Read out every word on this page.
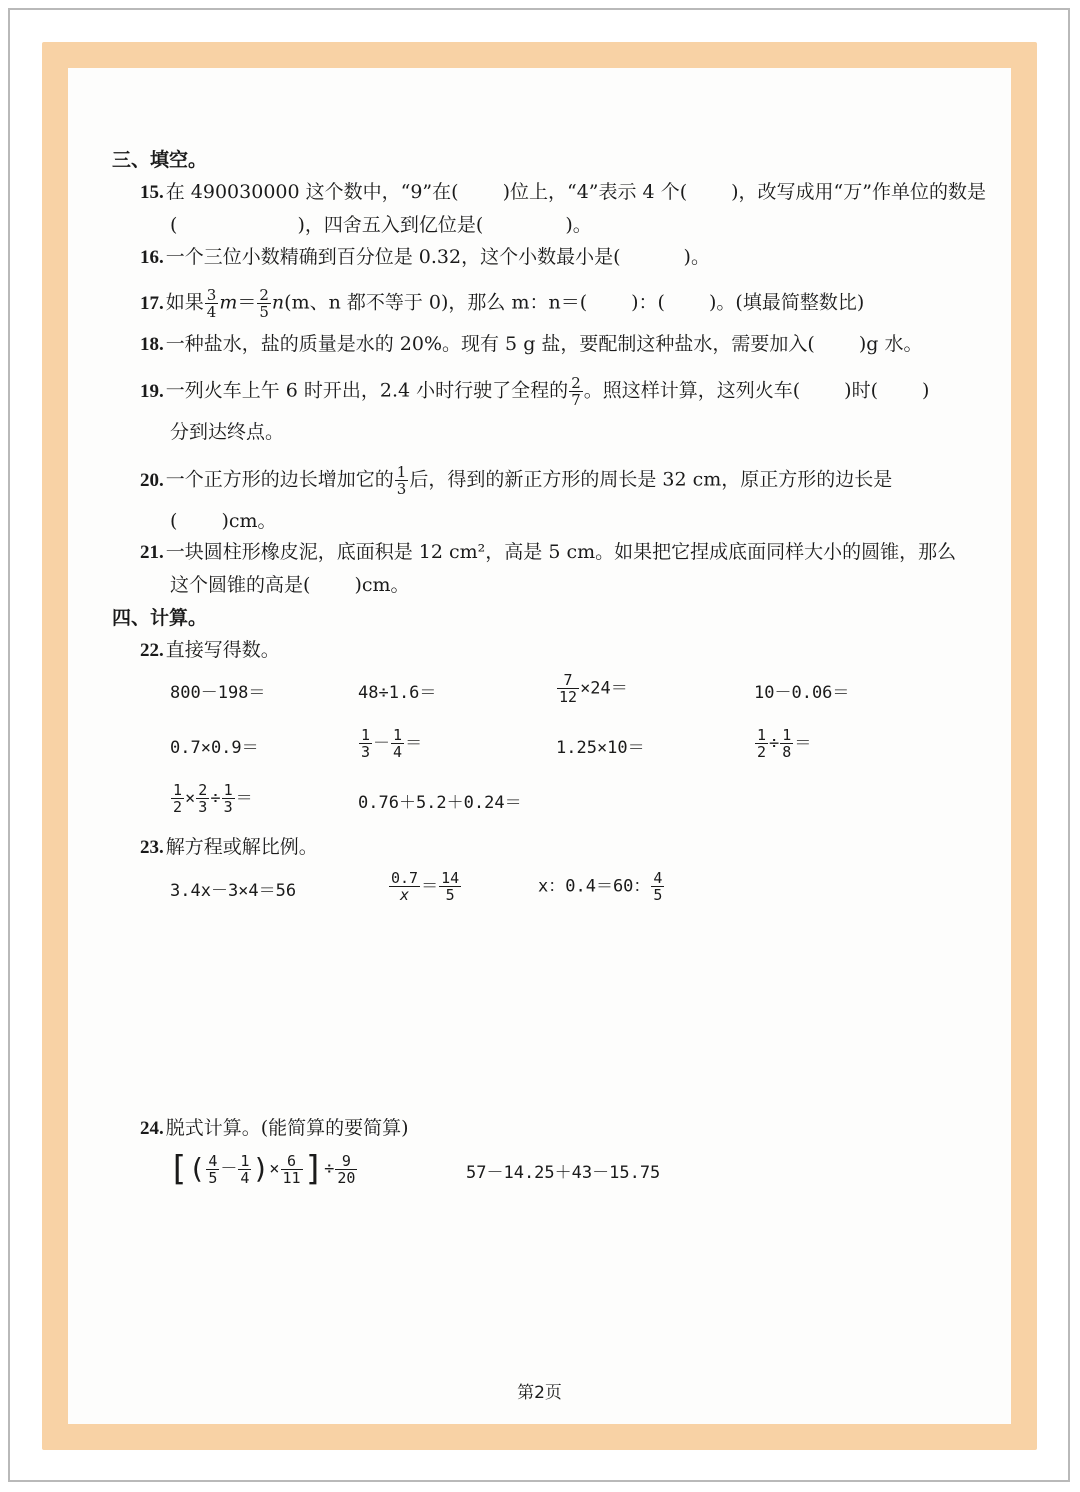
三、填空。
15. 在 490030000 这个数中，“9”在(　　 )位上，“4”表示 4 个(　　 )，改写成用“万”作单位的数是
(　　　　　　 )，四舍五入到亿位是(　　　　 )。
16. 一个三位小数精确到百分位是 0.32，这个小数最小是(　　　 )。
17. 如果 $\frac{3}{4} m= \frac{2}{5} n(m$、n 都不等于 0)，那么 m：n＝(　　 )：(　　 )。(填最简整数比)
18. 一种盐水，盐的质量是水的 20%。现有 5 g 盐，要配制这种盐水，需要加入(　　 )g 水。
19. 一列火车上午 6 时开出，2.4 小时行驶了全程的 $\frac{2}{7}$ 。照这样计算，这列火车(　　 )时(　　 )
分到达终点。
20. 一个正方形的边长增加它的 $\frac{1}{3}$ 后，得到的新正方形的周长是 32 cm，原正方形的边长是
(　　 )cm。
21. 一块圆柱形橡皮泥，底面积是 12 cm²，高是 5 cm。如果把它捏成底面同样大小的圆锥，那么
这个圆锥的高是(　　 )cm。
四、计算。
22. 直接写得数。
800－198＝	48÷1.6＝	$\frac{7}{12} \times 24=$	10－0.06＝
0.7×0.9＝	$\frac{1}{3} - \frac{1}{4}$ ＝	1.25×10＝	$\frac{1}{2} \div \frac{1}{8}$ ＝
$\frac{1}{2} \times \frac{2}{3} \div \frac{1}{3}$ ＝	0.76＋5.2＋0.24＝
23. 解方程或解比例。
3.4x－3×4＝56	$\frac{0.7}{x} = \frac{14}{5}$	x：0.4＝60： $\frac{4}{5}$
24. 脱式计算。(能简算的要简算)
[( $\frac{4}{5} - \frac{1}{4}$ )× $\frac{6}{11}$ ]÷ $\frac{9}{20}$	57－14.25＋43－15.75
第2页
